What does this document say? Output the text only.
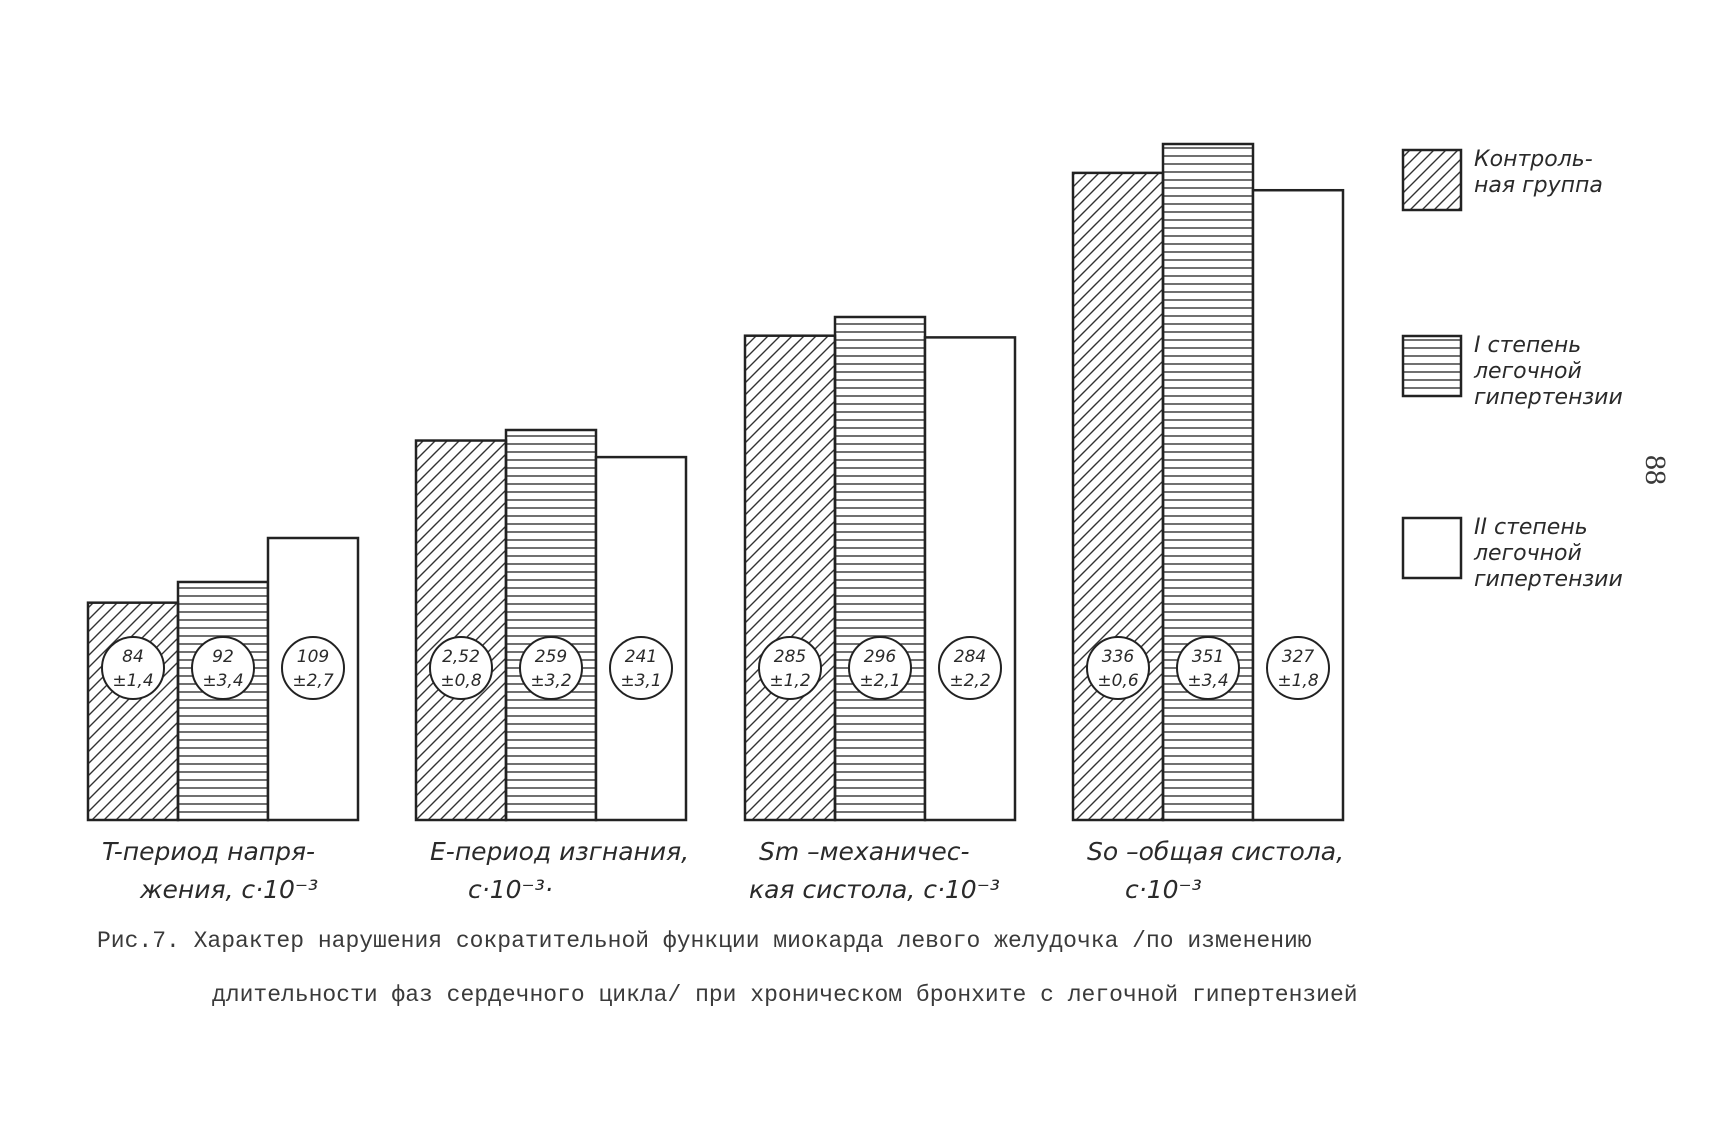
84
±1,4
92
±3,4
109
±2,7
2,52
±0,8
259
±3,2
241
±3,1
285
±1,2
296
±2,1
284
±2,2
336
±0,6
351
±3,4
327
±1,8
T-период напря-
жения, с·10⁻³
E-период изгнания,
с·10⁻³·
Sm –механичес-
кая систола, с·10⁻³
So –общая систола,
с·10⁻³
Контроль-
ная группа
I степень
легочной
гипертензии
II степень
легочной
гипертензии
Рис.7. Характер нарушения сократительной функции миокарда левого желудочка /по изменению
длительности фаз сердечного цикла/ при хроническом бронхите с легочной гипертензией
88
